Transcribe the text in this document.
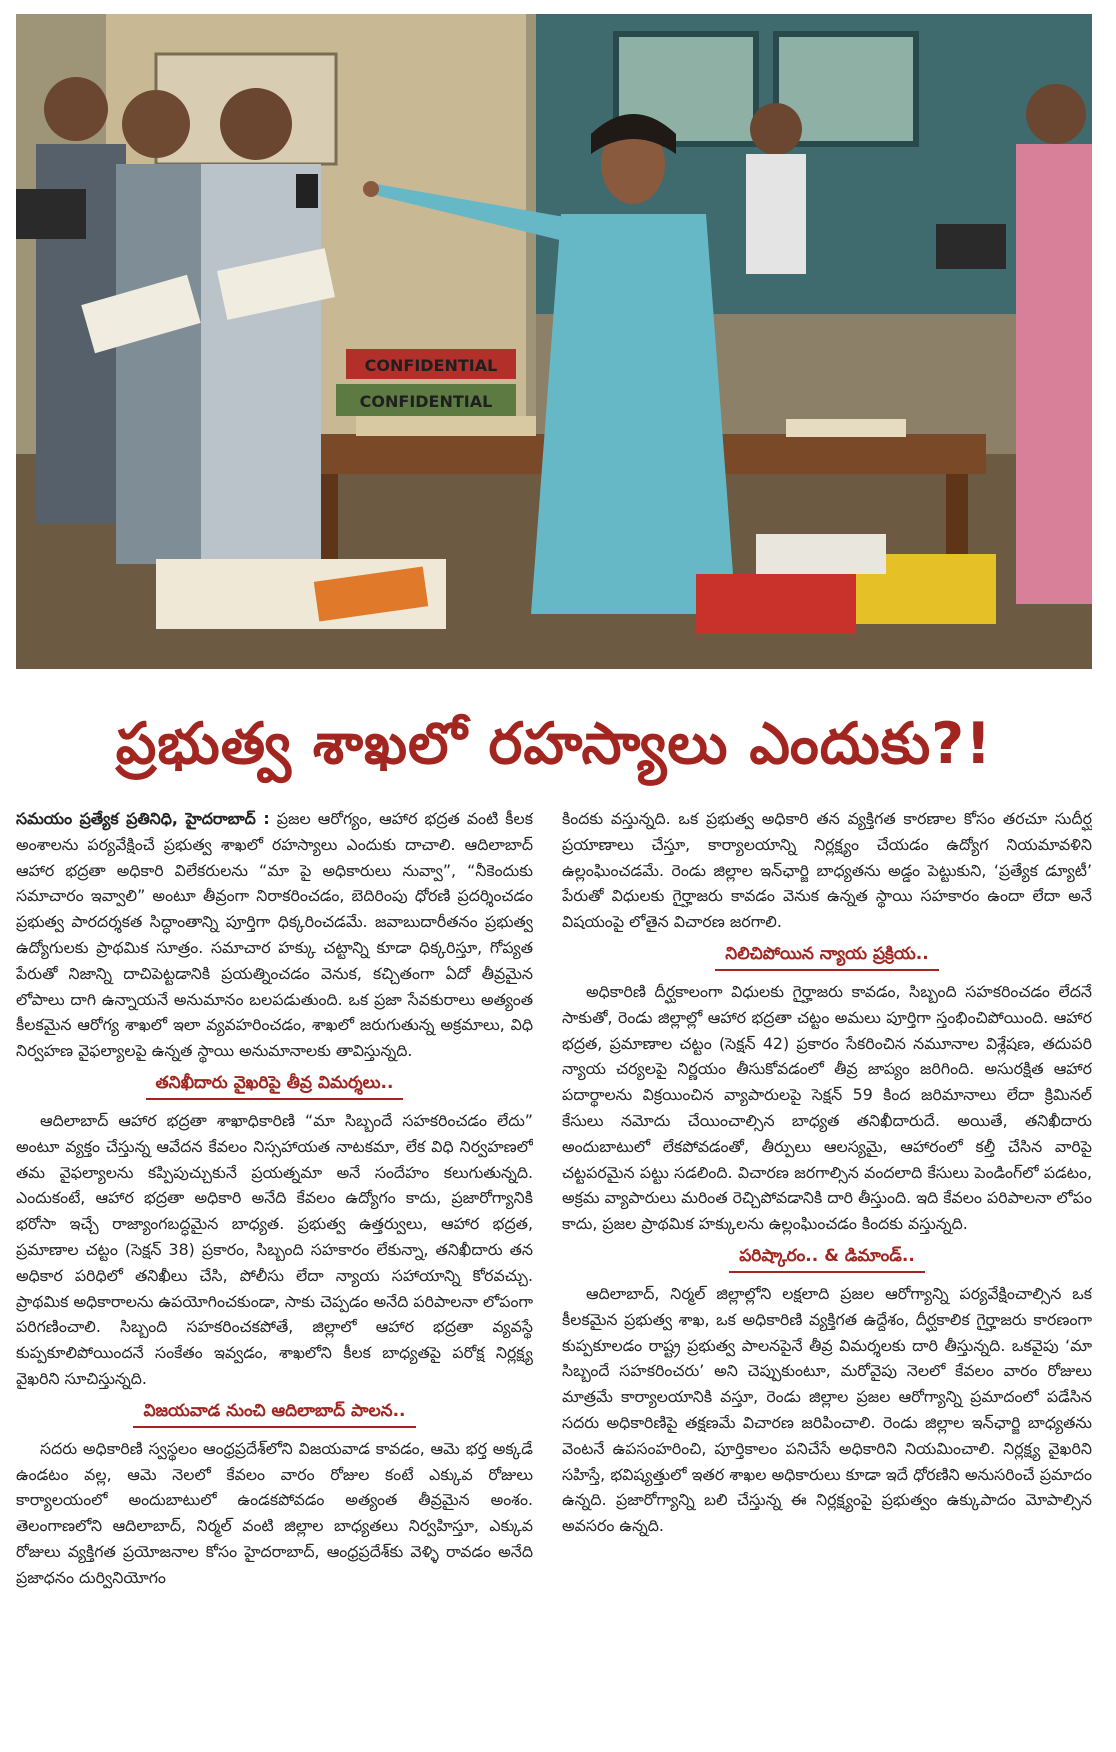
CONFIDENTIAL
CONFIDENTIAL
ప్రభుత్వ శాఖలో రహస్యాలు ఎందుకు?!

సమయం ప్రత్యేక ప్రతినిధి, హైదరాబాద్ : ప్రజల ఆరోగ్యం, ఆహార భద్రత వంటి కీలక అంశాలను పర్యవేక్షించే ప్రభుత్వ శాఖలో రహస్యాలు ఎందుకు దాచాలి. ఆదిలాబాద్ ఆహార భద్రతా అధికారి విలేకరులను “మా పై అధికారులు నువ్వా”, “నీకెందుకు సమాచారం ఇవ్వాలి” అంటూ తీవ్రంగా నిరాకరించడం, బెదిరింపు ధోరణి ప్రదర్శించడం ప్రభుత్వ పారదర్శకత సిద్ధాంతాన్ని పూర్తిగా ధిక్కరించడమే. జవాబుదారీతనం ప్రభుత్వ ఉద్యోగులకు ప్రాథమిక సూత్రం. సమాచార హక్కు చట్టాన్ని కూడా ధిక్కరిస్తూ, గోప్యత పేరుతో నిజాన్ని దాచిపెట్టడానికి ప్రయత్నించడం వెనుక, కచ్చితంగా ఏదో తీవ్రమైన లోపాలు దాగి ఉన్నాయనే అనుమానం బలపడుతుంది. ఒక ప్రజా సేవకురాలు అత్యంత కీలకమైన ఆరోగ్య శాఖలో ఇలా వ్యవహరించడం, శాఖలో జరుగుతున్న అక్రమాలు, విధి నిర్వహణ వైఫల్యాలపై ఉన్నత స్థాయి అనుమానాలకు తావిస్తున్నది.

తనిఖీదారు వైఖరిపై తీవ్ర విమర్శలు..

ఆదిలాబాద్ ఆహార భద్రతా శాఖాధికారిణి “మా సిబ్బందే సహకరించడం లేదు” అంటూ వ్యక్తం చేస్తున్న ఆవేదన కేవలం నిస్సహాయత నాటకమా, లేక విధి నిర్వహణలో తమ వైఫల్యాలను కప్పిపుచ్చుకునే ప్రయత్నమా అనే సందేహం కలుగుతున్నది. ఎందుకంటే, ఆహార భద్రతా అధికారి అనేది కేవలం ఉద్యోగం కాదు, ప్రజారోగ్యానికి భరోసా ఇచ్చే రాజ్యాంగబద్ధమైన బాధ్యత. ప్రభుత్వ ఉత్తర్వులు, ఆహార భద్రత, ప్రమాణాల చట్టం (సెక్షన్ 38) ప్రకారం, సిబ్బంది సహకారం లేకున్నా, తనిఖీదారు తన అధికార పరిధిలో తనిఖీలు చేసి, పోలీసు లేదా న్యాయ సహాయాన్ని కోరవచ్చు. ప్రాథమిక అధికారాలను ఉపయోగించకుండా, సాకు చెప్పడం అనేది పరిపాలనా లోపంగా పరిగణించాలి. సిబ్బంది సహకరించకపోతే, జిల్లాలో ఆహార భద్రతా వ్యవస్థే కుప్పకూలిపోయిందనే సంకేతం ఇవ్వడం, శాఖలోని కీలక బాధ్యతపై పరోక్ష నిర్లక్ష్య వైఖరిని సూచిస్తున్నది.

విజయవాడ నుంచి ఆదిలాబాద్ పాలన..

సదరు అధికారిణి స్వస్థలం ఆంధ్రప్రదేశ్‌లోని విజయవాడ కావడం, ఆమె భర్త అక్కడే ఉండటం వల్ల, ఆమె నెలలో కేవలం వారం రోజుల కంటే ఎక్కువ రోజులు కార్యాలయంలో అందుబాటులో ఉండకపోవడం అత్యంత తీవ్రమైన అంశం. తెలంగాణలోని ఆదిలాబాద్, నిర్మల్ వంటి జిల్లాల బాధ్యతలు నిర్వహిస్తూ, ఎక్కువ రోజులు వ్యక్తిగత ప్రయోజనాల కోసం హైదరాబాద్, ఆంధ్రప్రదేశ్‌కు వెళ్ళి రావడం అనేది ప్రజాధనం దుర్వినియోగం

కిందకు వస్తున్నది. ఒక ప్రభుత్వ అధికారి తన వ్యక్తిగత కారణాల కోసం తరచూ సుదీర్ఘ ప్రయాణాలు చేస్తూ, కార్యాలయాన్ని నిర్లక్ష్యం చేయడం ఉద్యోగ నియమావళిని ఉల్లంఘించడమే. రెండు జిల్లాల ఇన్‌ఛార్జి బాధ్యతను అడ్డం పెట్టుకుని, ‘ప్రత్యేక డ్యూటీ’ పేరుతో విధులకు గైర్హాజరు కావడం వెనుక ఉన్నత స్థాయి సహకారం ఉందా లేదా అనే విషయంపై లోతైన విచారణ జరగాలి.

నిలిచిపోయిన న్యాయ ప్రక్రియ..

అధికారిణి దీర్ఘకాలంగా విధులకు గైర్హాజరు కావడం, సిబ్బంది సహకరించడం లేదనే సాకుతో, రెండు జిల్లాల్లో ఆహార భద్రతా చట్టం అమలు పూర్తిగా స్తంభించిపోయింది. ఆహార భద్రత, ప్రమాణాల చట్టం (సెక్షన్ 42) ప్రకారం సేకరించిన నమూనాల విశ్లేషణ, తదుపరి న్యాయ చర్యలపై నిర్ణయం తీసుకోవడంలో తీవ్ర జాప్యం జరిగింది. అసురక్షిత ఆహార పదార్థాలను విక్రయించిన వ్యాపారులపై సెక్షన్ 59 కింద జరిమానాలు లేదా క్రిమినల్ కేసులు నమోదు చేయించాల్సిన బాధ్యత తనిఖీదారుదే. అయితే, తనిఖీదారు అందుబాటులో లేకపోవడంతో, తీర్పులు ఆలస్యమై, ఆహారంలో కల్తీ చేసిన వారిపై చట్టపరమైన పట్టు సడలింది. విచారణ జరగాల్సిన వందలాది కేసులు పెండింగ్‌లో పడటం, అక్రమ వ్యాపారులు మరింత రెచ్చిపోవడానికి దారి తీస్తుంది. ఇది కేవలం పరిపాలనా లోపం కాదు, ప్రజల ప్రాథమిక హక్కులను ఉల్లంఘించడం కిందకు వస్తున్నది.

పరిష్కారం.. & డిమాండ్..

ఆదిలాబాద్, నిర్మల్ జిల్లాల్లోని లక్షలాది ప్రజల ఆరోగ్యాన్ని పర్యవేక్షించాల్సిన ఒక కీలకమైన ప్రభుత్వ శాఖ, ఒక అధికారిణి వ్యక్తిగత ఉద్దేశం, దీర్ఘకాలిక గైర్హాజరు కారణంగా కుప్పకూలడం రాష్ట్ర ప్రభుత్వ పాలనపైనే తీవ్ర విమర్శలకు దారి తీస్తున్నది. ఒకవైపు ‘మా సిబ్బందే సహకరించరు’ అని చెప్పుకుంటూ, మరోవైపు నెలలో కేవలం వారం రోజులు మాత్రమే కార్యాలయానికి వస్తూ, రెండు జిల్లాల ప్రజల ఆరోగ్యాన్ని ప్రమాదంలో పడేసిన సదరు అధికారిణిపై తక్షణమే విచారణ జరిపించాలి. రెండు జిల్లాల ఇన్‌ఛార్జి బాధ్యతను వెంటనే ఉపసంహరించి, పూర్తికాలం పనిచేసే అధికారిని నియమించాలి. నిర్లక్ష్య వైఖరిని సహిస్తే, భవిష్యత్తులో ఇతర శాఖల అధికారులు కూడా ఇదే ధోరణిని అనుసరించే ప్రమాదం ఉన్నది. ప్రజారోగ్యాన్ని బలి చేస్తున్న ఈ నిర్లక్ష్యంపై ప్రభుత్వం ఉక్కుపాదం మోపాల్సిన అవసరం ఉన్నది.
